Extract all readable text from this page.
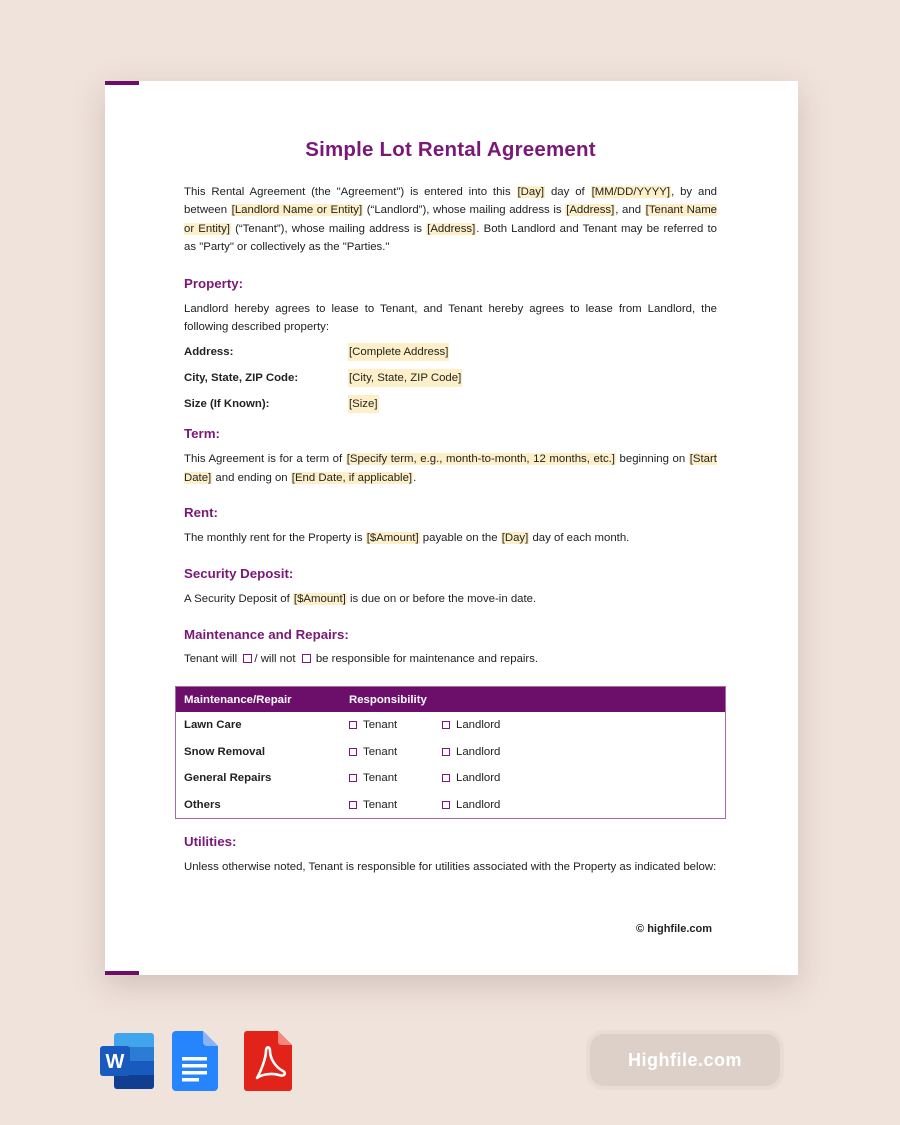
Simple Lot Rental Agreement

This Rental Agreement (the "Agreement") is entered into this [Day] day of [MM/DD/YYYY], by and between [Landlord Name or Entity] (“Landlord”), whose mailing address is [Address], and [Tenant Name or Entity] (“Tenant”), whose mailing address is [Address]. Both Landlord and Tenant may be referred to as "Party" or collectively as the "Parties."

Property:

Landlord hereby agrees to lease to Tenant, and Tenant hereby agrees to lease from Landlord, the following described property:

Address:	[Complete Address]
City, State, ZIP Code:	[City, State, ZIP Code]
Size (If Known):	[Size]
Term:

This Agreement is for a term of [Specify term, e.g., month-to-month, 12 months, etc.] beginning on [Start Date] and ending on [End Date, if applicable].

Rent:

The monthly rent for the Property is [$Amount] payable on the [Day] day of each month.

Security Deposit:

A Security Deposit of [$Amount] is due on or before the move-in date.

Maintenance and Repairs:

Tenant will / will not  be responsible for maintenance and repairs.

Maintenance/Repair	Responsibility
Lawn Care	Tenant	Landlord
Snow Removal	Tenant	Landlord
General Repairs	Tenant	Landlord
Others	Tenant	Landlord
Utilities:

Unless otherwise noted, Tenant is responsible for utilities associated with the Property as indicated below:

© highfile.com
W	Highfile.com
